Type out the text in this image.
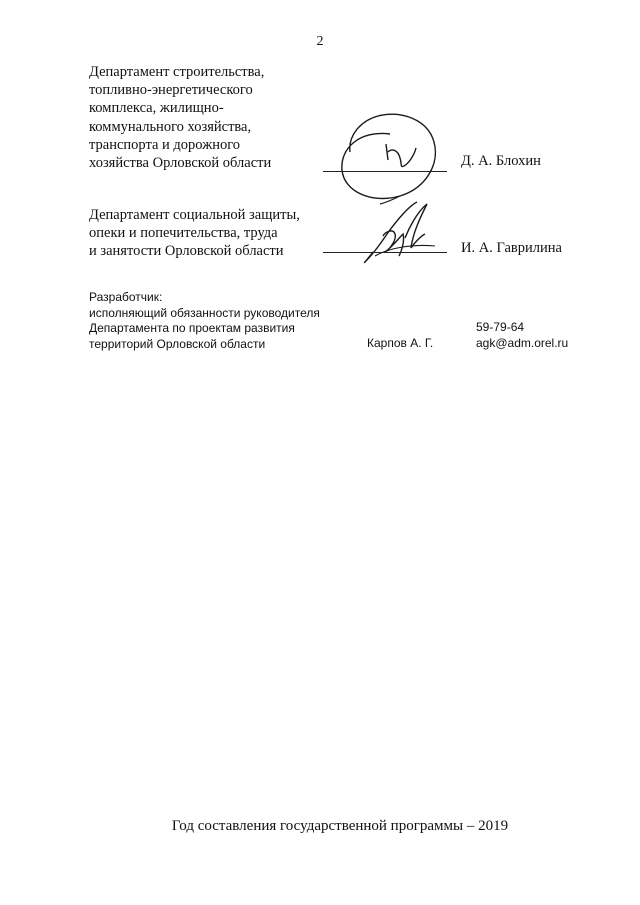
2
Департамент строительства,
топливно-энергетического
комплекса, жилищно-
коммунального хозяйства,
транспорта и дорожного
хозяйства Орловской области	Д. А. Блохин
Департамент социальной защиты,
опеки и попечительства, труда
и занятости Орловской области	И. А. Гаврилина
Разработчик:
исполняющий обязанности руководителя
Департамента по проектам развития
территорий Орловской области	Карпов А. Г.
59-79-64
agk@adm.orel.ru
Год составления государственной программы – 2019
